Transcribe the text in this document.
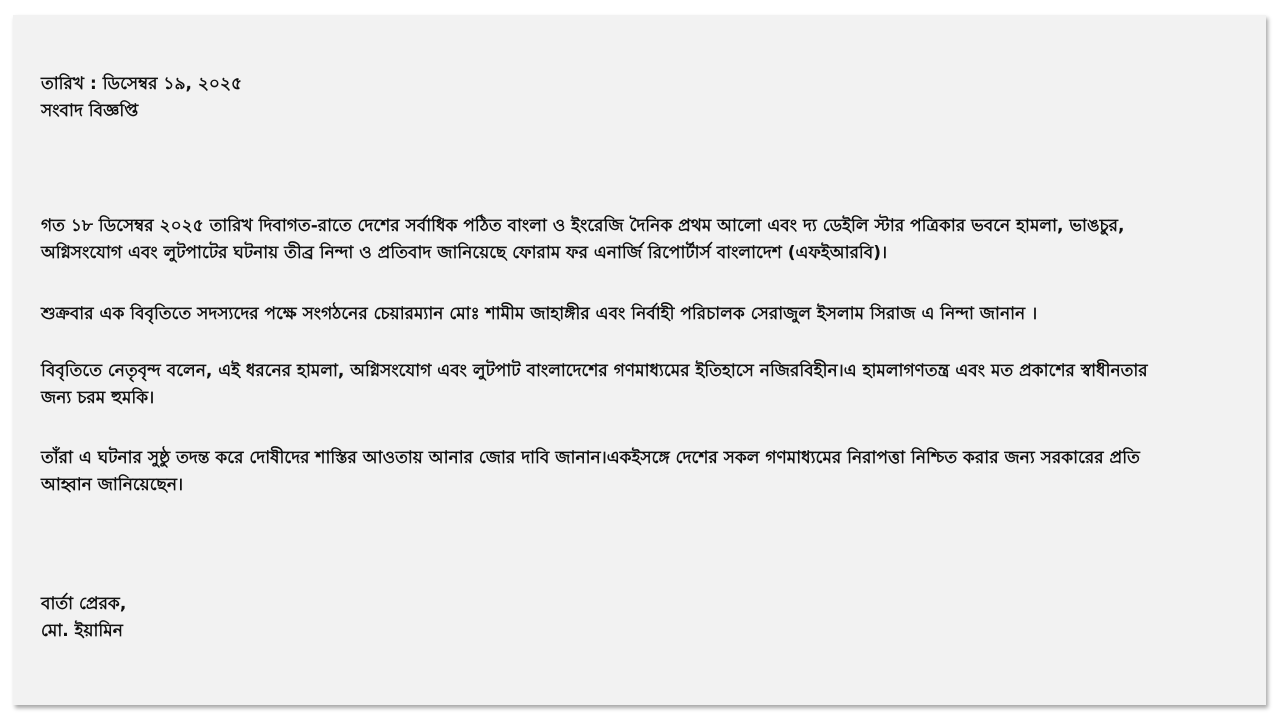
তারিখ : ডিসেম্বর ১৯, ২০২৫
সংবাদ বিজ্ঞপ্তি
গত ১৮ ডিসেম্বর ২০২৫ তারিখ দিবাগত-রাতে দেশের সর্বাধিক পঠিত বাংলা ও ইংরেজি দৈনিক প্রথম আলো এবং দ্য ডেইলি স্টার পত্রিকার ভবনে হামলা, ভাঙচুর,
অগ্নিসংযোগ এবং লুটপাটের ঘটনায় তীব্র নিন্দা ও প্রতিবাদ জানিয়েছে ফোরাম ফর এনার্জি রিপোর্টার্স বাংলাদেশ (এফইআরবি)।
শুক্রবার এক বিবৃতিতে সদস্যদের পক্ষে সংগঠনের চেয়ারম্যান মোঃ শামীম জাহাঙ্গীর এবং নির্বাহী পরিচালক সেরাজুল ইসলাম সিরাজ এ নিন্দা জানান ।
বিবৃতিতে নেতৃবৃন্দ বলেন, এই ধরনের হামলা, অগ্নিসংযোগ এবং লুটপাট বাংলাদেশের গণমাধ্যমের ইতিহাসে নজিরবিহীন।এ হামলাগণতন্ত্র এবং মত প্রকাশের স্বাধীনতার
জন্য চরম হুমকি।
তাঁরা এ ঘটনার সুষ্ঠু তদন্ত করে দোষীদের শাস্তির আওতায় আনার জোর দাবি জানান।একইসঙ্গে দেশের সকল গণমাধ্যমের নিরাপত্তা নিশ্চিত করার জন্য সরকারের প্রতি
আহ্বান জানিয়েছেন।
বার্তা প্রেরক,
মো. ইয়ামিন
